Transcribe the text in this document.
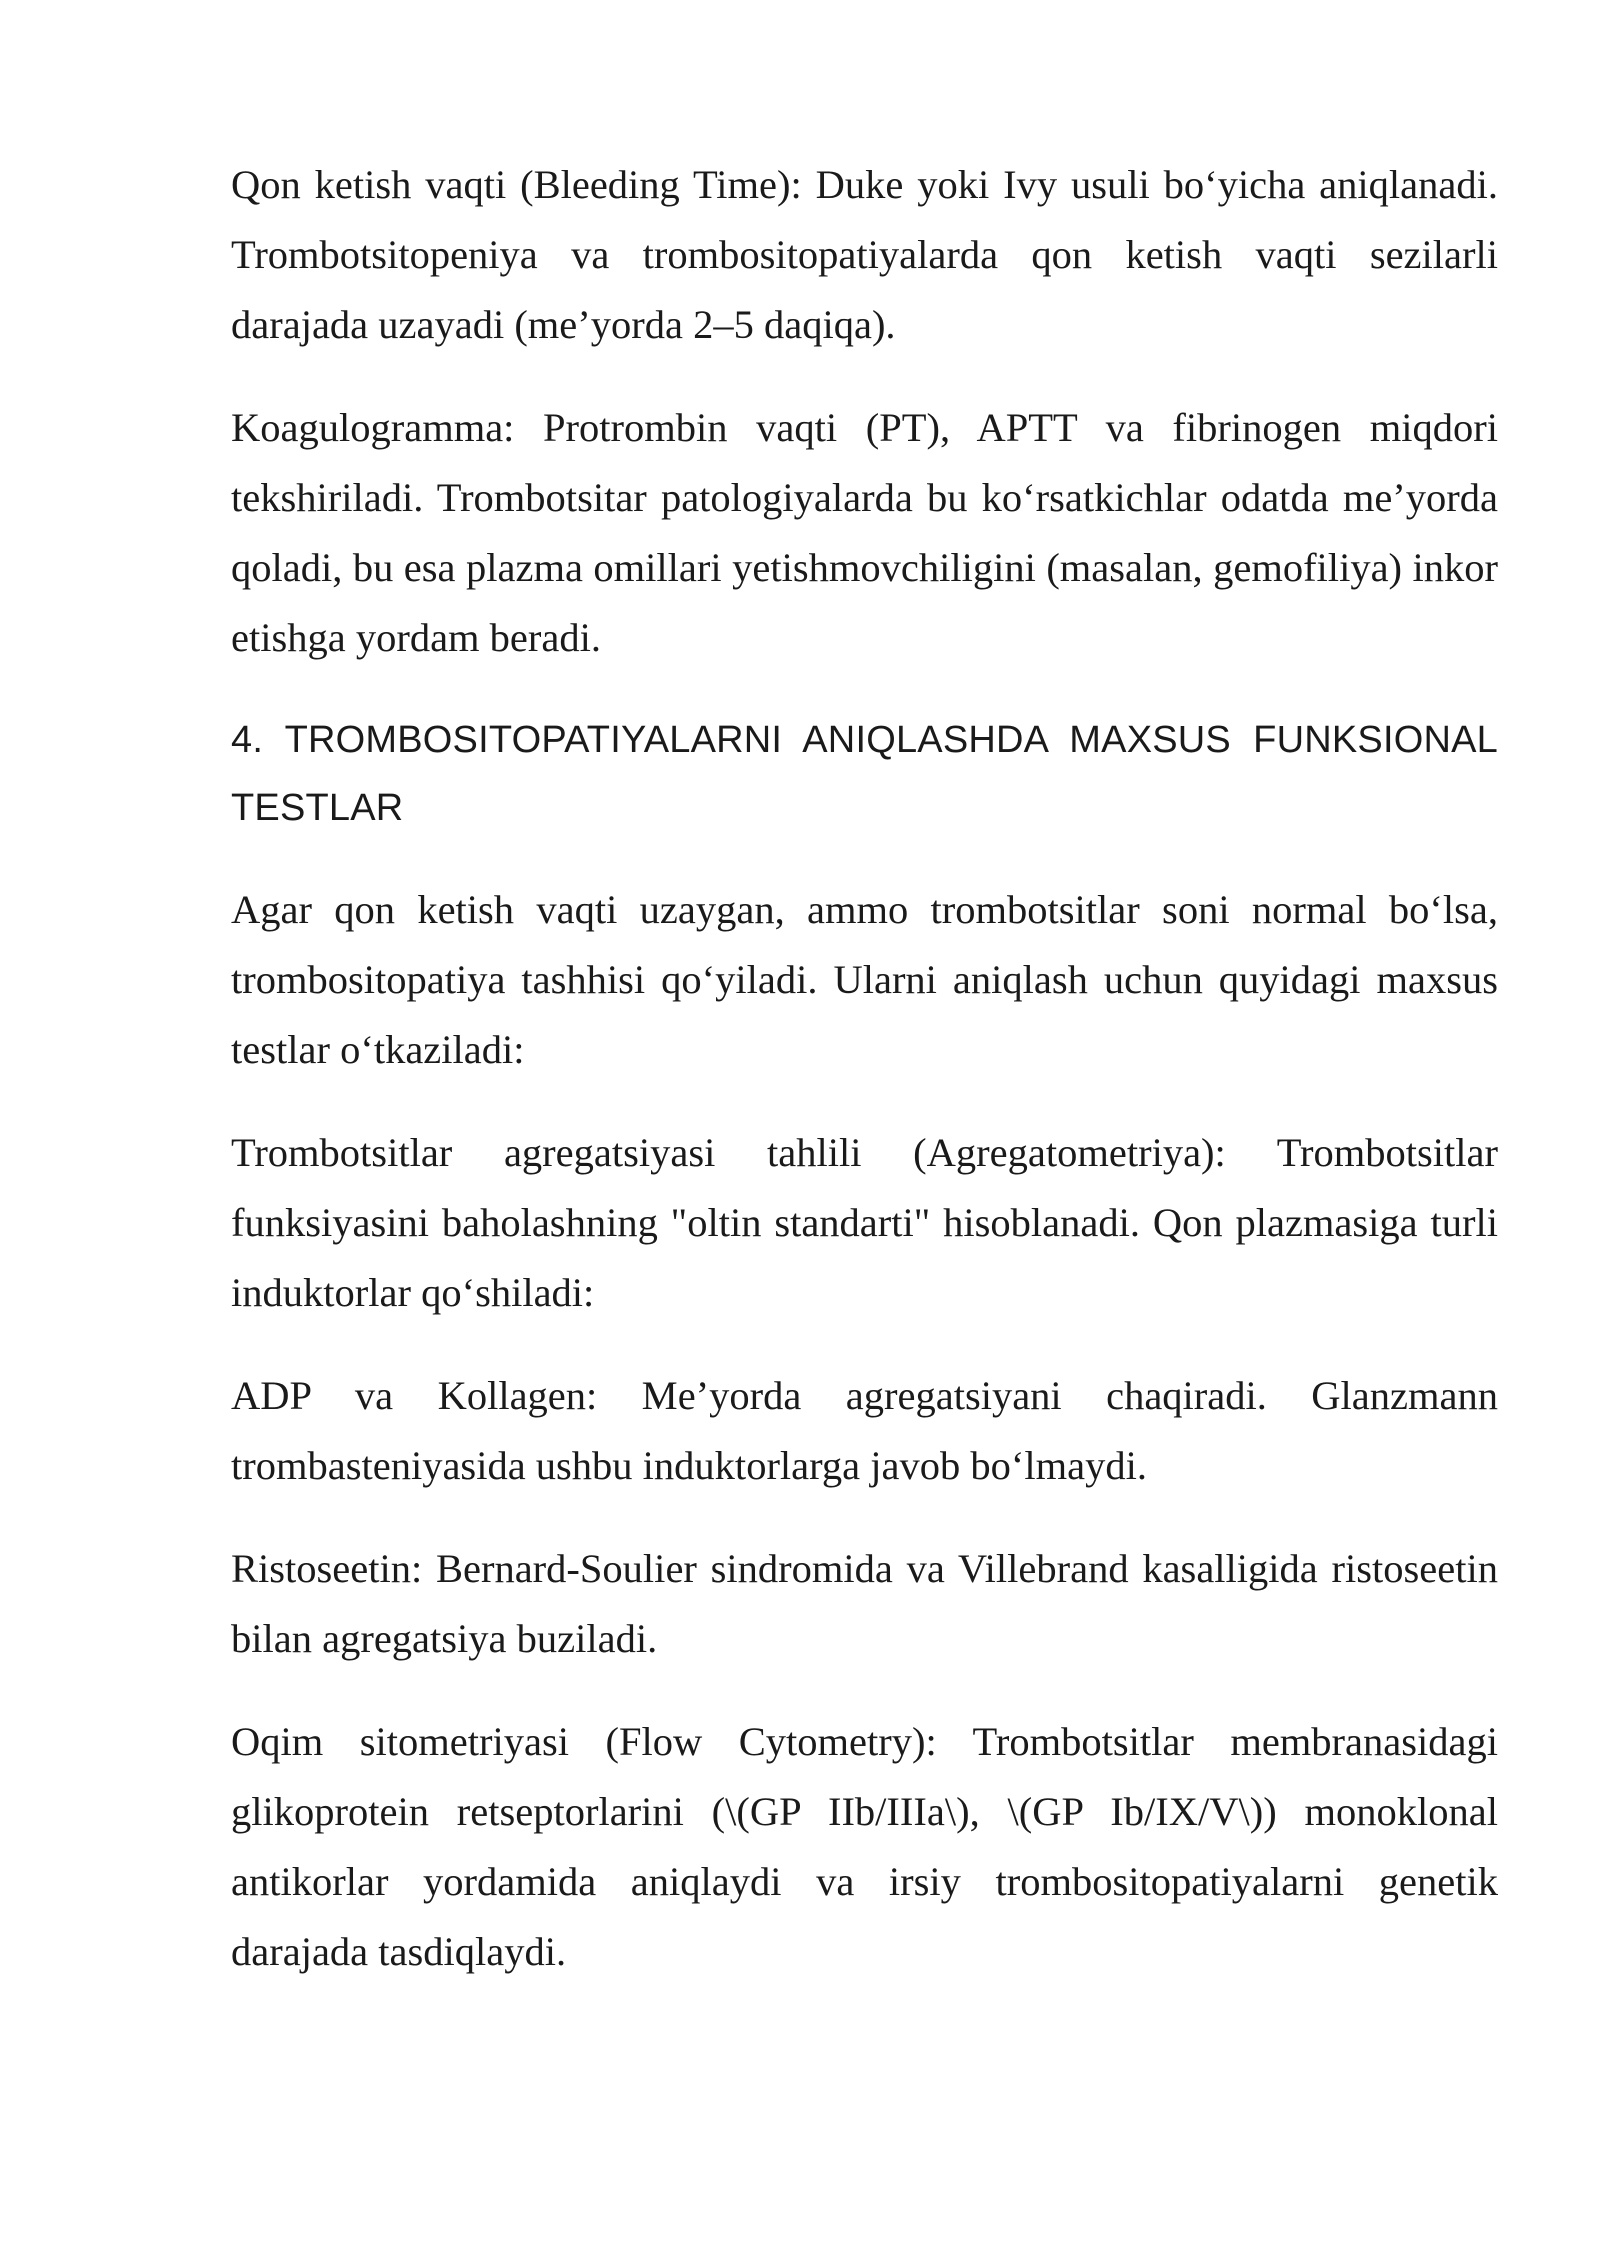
Qon ketish vaqti (Bleeding Time): Duke yoki Ivy usuli bo‘yicha aniqlanadi. Trombotsitopeniya va trombositopatiyalarda qon ketish vaqti sezilarli darajada uzayadi (me’yorda 2–5 daqiqa).

Koagulogramma: Protrombin vaqti (PT), APTT va fibrinogen miqdori tekshiriladi. Trombotsitar patologiyalarda bu ko‘rsatkichlar odatda me’yorda qoladi, bu esa plazma omillari yetishmovchiligini (masalan, gemofiliya) inkor etishga yordam beradi.

4. TROMBOSITOPATIYALARNI ANIQLASHDA MAXSUS FUNKSIONAL TESTLAR

Agar qon ketish vaqti uzaygan, ammo trombotsitlar soni normal bo‘lsa, trombositopatiya tashhisi qo‘yiladi. Ularni aniqlash uchun quyidagi maxsus testlar o‘tkaziladi:

Trombotsitlar agregatsiyasi tahlili (Agregatometriya): Trombotsitlar funksiyasini baholashning "oltin standarti" hisoblanadi. Qon plazmasiga turli induktorlar qo‘shiladi:

ADP va Kollagen: Me’yorda agregatsiyani chaqiradi. Glanzmann trombasteniyasida ushbu induktorlarga javob bo‘lmaydi.

Ristoseetin: Bernard-Soulier sindromida va Villebrand kasalligida ristoseetin bilan agregatsiya buziladi.

Oqim sitometriyasi (Flow Cytometry): Trombotsitlar membranasidagi glikoprotein retseptorlarini (\(GP IIb/IIIa\), \(GP Ib/IX/V\)) monoklonal antikorlar yordamida aniqlaydi va irsiy trombositopatiyalarni genetik darajada tasdiqlaydi.
